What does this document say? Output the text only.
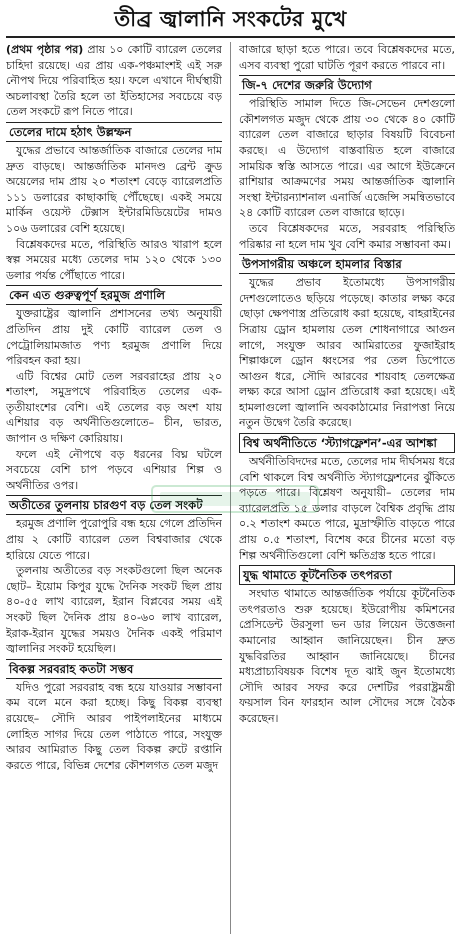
তীব্র জ্বালানি সংকটের মুখে

(প্রথম পৃষ্ঠার পর) প্রায় ১০ কোটি ব্যারেল তেলের চাহিদা রয়েছে। এর প্রায় এক-পঞ্চমাংশই এই সরু নৌপথ দিয়ে পরিবাহিত হয়। ফলে এখানে দীর্ঘস্থায়ী অচলাবস্থা তৈরি হলে তা ইতিহাসের সবচেয়ে বড় তেল সংকটে রূপ নিতে পারে।

তেলের দামে হঠাৎ উল্লম্ফন

যুদ্ধের প্রভাবে আন্তর্জাতিক বাজারে তেলের দাম দ্রুত বাড়ছে। আন্তর্জাতিক মানদণ্ড ব্রেন্ট ক্রুড অয়েলের দাম প্রায় ২০ শতাংশ বেড়ে ব্যারেলপ্রতি ১১১ ডলারের কাছাকাছি পৌঁছেছে। একই সময়ে মার্কিন ওয়েস্ট টেক্সাস ইন্টারমিডিয়েটের দামও ১০৬ ডলারের বেশি হয়েছে।

বিশ্লেষকদের মতে, পরিস্থিতি আরও খারাপ হলে স্বল্প সময়ের মধ্যে তেলের দাম ১২০ থেকে ১৩০ ডলার পর্যন্ত পৌঁছাতে পারে।

কেন এত গুরুত্বপূর্ণ হরমুজ প্রণালি

যুক্তরাষ্ট্রের জ্বালানি প্রশাসনের তথ্য অনুযায়ী প্রতিদিন প্রায় দুই কোটি ব্যারেল তেল ও পেট্রোলিয়ামজাত পণ্য হরমুজ প্রণালি দিয়ে পরিবহন করা হয়।

এটি বিশ্বের মোট তেল সরবরাহের প্রায় ২০ শতাংশ, সমুদ্রপথে পরিবাহিত তেলের এক-তৃতীয়াংশের বেশি। এই তেলের বড় অংশ যায় এশিয়ার বড় অর্থনীতিগুলোতে– চীন, ভারত, জাপান ও দক্ষিণ কোরিয়ায়।

ফলে এই নৌপথে বড় ধরনের বিঘ্ন ঘটলে সবচেয়ে বেশি চাপ পড়বে এশিয়ার শিল্প ও অর্থনীতির ওপর।

অতীতের তুলনায় চারগুণ বড় তেল সংকট

হরমুজ প্রণালি পুরোপুরি বন্ধ হয়ে গেলে প্রতিদিন প্রায় ২ কোটি ব্যারেল তেল বিশ্ববাজার থেকে হারিয়ে যেতে পারে।

তুলনায় অতীতের বড় সংকটগুলো ছিল অনেক ছোট– ইয়োম কিপুর যুদ্ধে দৈনিক সংকট ছিল প্রায় ৪০-৫৫ লাখ ব্যারেল, ইরান বিপ্লবের সময় এই সংকট ছিল দৈনিক প্রায় ৪০-৬০ লাখ ব্যারেল, ইরাক-ইরান যুদ্ধের সময়ও দৈনিক একই পরিমাণ জ্বালানির সংকট হয়েছিল।

বিকল্প সরবরাহ কতটা সম্ভব

যদিও পুরো সরবরাহ বন্ধ হয়ে যাওয়ার সম্ভাবনা কম বলে মনে করা হচ্ছে। কিছু বিকল্প ব্যবস্থা রয়েছে– সৌদি আরব পাইপলাইনের মাধ্যমে লোহিত সাগর দিয়ে তেল পাঠাতে পারে, সংযুক্ত আরব আমিরাত কিছু তেল বিকল্প রুটে রপ্তানি করতে পারে, বিভিন্ন দেশের কৌশলগত তেল মজুদ

বাজারে ছাড়া হতে পারে। তবে বিশ্লেষকদের মতে, এসব ব্যবস্থা পুরো ঘাটতি পূরণ করতে পারবে না।

জি-৭ দেশের জরুরি উদ্যোগ

পরিস্থিতি সামাল দিতে জি-সেভেন দেশগুলো কৌশলগত মজুদ থেকে প্রায় ৩০ থেকে ৪০ কোটি ব্যারেল তেল বাজারে ছাড়ার বিষয়টি বিবেচনা করছে। এ উদ্যোগ বাস্তবায়িত হলে বাজারে সাময়িক স্বস্তি আসতে পারে। এর আগে ইউক্রেনে রাশিয়ার আক্রমণের সময় আন্তর্জাতিক জ্বালানি সংস্থা ইন্টারন্যাশনাল এনার্জি এজেন্সি সমন্বিতভাবে ২৪ কোটি ব্যারেল তেল বাজারে ছাড়ে।

তবে বিশ্লেষকদের মতে, সরবরাহ পরিস্থিতি পরিষ্কার না হলে দাম খুব বেশি কমার সম্ভাবনা কম।

উপসাগরীয় অঞ্চলে হামলার বিস্তার

যুদ্ধের প্রভাব ইতোমধ্যে উপসাগরীয় দেশগুলোতেও ছড়িয়ে পড়েছে। কাতার লক্ষ্য করে ছোড়া ক্ষেপণাস্ত্র প্রতিরোধ করা হয়েছে, বাহরাইনের সিত্রায় ড্রোন হামলায় তেল শোধনাগারে আগুন লাগে, সংযুক্ত আরব আমিরাতের ফুজাইরাহ শিল্পাঞ্চলে ড্রোন ধ্বংসের পর তেল ডিপোতে আগুন ধরে, সৌদি আরবের শায়বাহ তেলক্ষেত্র লক্ষ্য করে আসা ড্রোন প্রতিরোধ করা হয়েছে। এই হামলাগুলো জ্বালানি অবকাঠামোর নিরাপত্তা নিয়ে নতুন উদ্বেগ তৈরি করেছে।

বিশ্ব অর্থনীতিতে ‘স্ট্যাগফ্লেশন’-এর আশঙ্কা

অর্থনীতিবিদদের মতে, তেলের দাম দীর্ঘসময় ধরে বেশি থাকলে বিশ্ব অর্থনীতি স্ট্যাগফ্লেশনের ঝুঁকিতে পড়তে পারে। বিশ্লেষণ অনুযায়ী– তেলের দাম ব্যারেলপ্রতি ১৫ ডলার বাড়লে বৈশ্বিক প্রবৃদ্ধি প্রায় ০.২ শতাংশ কমতে পারে, মুদ্রাস্ফীতি বাড়তে পারে প্রায় ০.৫ শতাংশ, বিশেষ করে চীনের মতো বড় শিল্প অর্থনীতিগুলো বেশি ক্ষতিগ্রস্ত হতে পারে।

যুদ্ধ থামাতে কূটনৈতিক তৎপরতা

সংঘাত থামাতে আন্তর্জাতিক পর্যায়ে কূটনৈতিক তৎপরতাও শুরু হয়েছে। ইউরোপীয় কমিশনের প্রেসিডেন্ট উরসুলা ভন ডার লিয়েন উত্তেজনা কমানোর আহ্বান জানিয়েছেন। চীন দ্রুত যুদ্ধবিরতির আহ্বান জানিয়েছে। চীনের মধ্যপ্রাচ্যবিষয়ক বিশেষ দূত ঝাই জুন ইতোমধ্যে সৌদি আরব সফর করে দেশটির পররাষ্ট্রমন্ত্রী ফয়সাল বিন ফারহান আল সৌদের সঙ্গে বৈঠক করেছেন।
